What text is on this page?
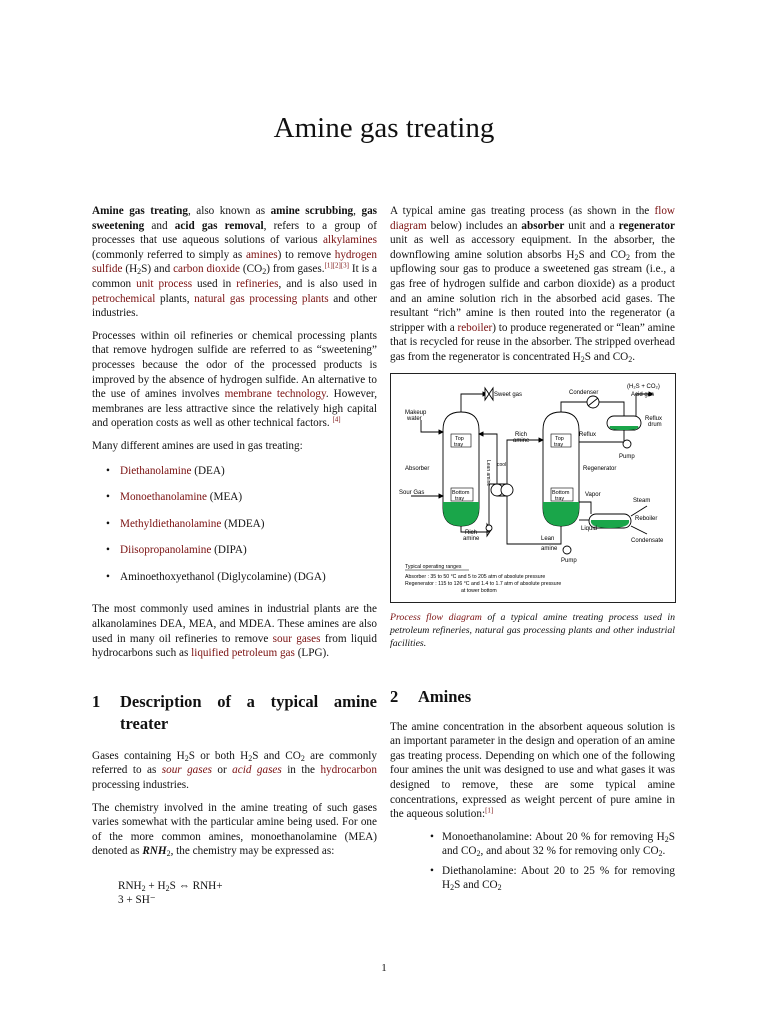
Amine gas treating

Amine gas treating, also known as amine scrubbing, gas sweetening and acid gas removal, refers to a group of processes that use aqueous solutions of various alkylamines (commonly referred to simply as amines) to remove hydrogen sulfide $(H_2S)$ and carbon dioxide $(CO_2)$ from gases.[1][2][3] It is a common unit process used in refineries, and is also used in petrochemical plants, natural gas processing plants and other industries.

Processes within oil refineries or chemical processing plants that remove hydrogen sulfide are referred to as “sweetening” processes because the odor of the processed products is improved by the absence of hydrogen sulfide. An alternative to the use of amines involves membrane technology. However, membranes are less attractive since the relatively high capital and operation costs as well as other technical factors. [4]

Many different amines are used in gas treating:

• Diethanolamine (DEA)
• Monoethanolamine (MEA)
• Methyldiethanolamine (MDEA)
• Diisopropanolamine (DIPA)
• Aminoethoxyethanol (Diglycolamine) (DGA)

The most commonly used amines in industrial plants are the alkanolamines DEA, MEA, and MDEA. These amines are also used in many oil refineries to remove sour gases from liquid hydrocarbons such as liquified petroleum gas (LPG).

1	Description of a typical amine treater

Gases containing $H_2S$ or both $H_2S$ and $CO_2$ are commonly referred to as sour gases or acid gases in the hydrocarbon processing industries.

The chemistry involved in the amine treating of such gases varies somewhat with the particular amine being used. For one of the more common amines, monoethanolamine (MEA) denoted as $RNH_2$, the chemistry may be expressed as:

$RNH_2 + H_2S$ ⇔ RNH+
3 + SH⁻

A typical amine gas treating process (as shown in the flow diagram below) includes an absorber unit and a regenerator unit as well as accessory equipment. In the absorber, the downflowing amine solution absorbs $H_2S$ and $CO_2$ from the upflowing sour gas to produce a sweetened gas stream (i.e., a gas free of hydrogen sulfide and carbon dioxide) as a product and an amine solution rich in the absorbed acid gases. The resultant “rich” amine is then routed into the regenerator (a stripper with a reboiler) to produce regenerated or “lean” amine that is recycled for reuse in the absorber. The stripped overhead gas from the regenerator is concentrated $H_2S$ and $CO_2$.

Top
tray
Bottom
tray
Top
tray
Bottom
tray
Sweet gas	Condenser
(H₂S + CO₂)
Acid gas
Makeup
water
Reflux
Reflux
drum
Pump
Rich
amine
Lean amine cool
Absorber	Regenerator
Sour Gas	Vapor
Steam
Reboiler
Liquid
Condensate
Rich
amine	Lean
amine
Pump
Typical operating ranges
Absorber : 35 to 50 °C and 5 to 205 atm of absolute pressure
Regenerator : 115 to 126 °C and 1.4 to 1.7 atm of absolute pressure
at tower bottom
Process flow diagram of a typical amine treating process used in petroleum refineries, natural gas processing plants and other industrial facilities.
2	Amines

The amine concentration in the absorbent aqueous solution is an important parameter in the design and operation of an amine gas treating process. Depending on which one of the following four amines the unit was designed to use and what gases it was designed to remove, these are some typical amine concentrations, expressed as weight percent of pure amine in the aqueous solution:[1]

• Monoethanolamine: About 20 % for removing $H_2S$ and $CO_2$, and about 32 % for removing only $CO_2$.
• Diethanolamine: About 20 to 25 % for removing $H_2S$ and $CO_2$
1
